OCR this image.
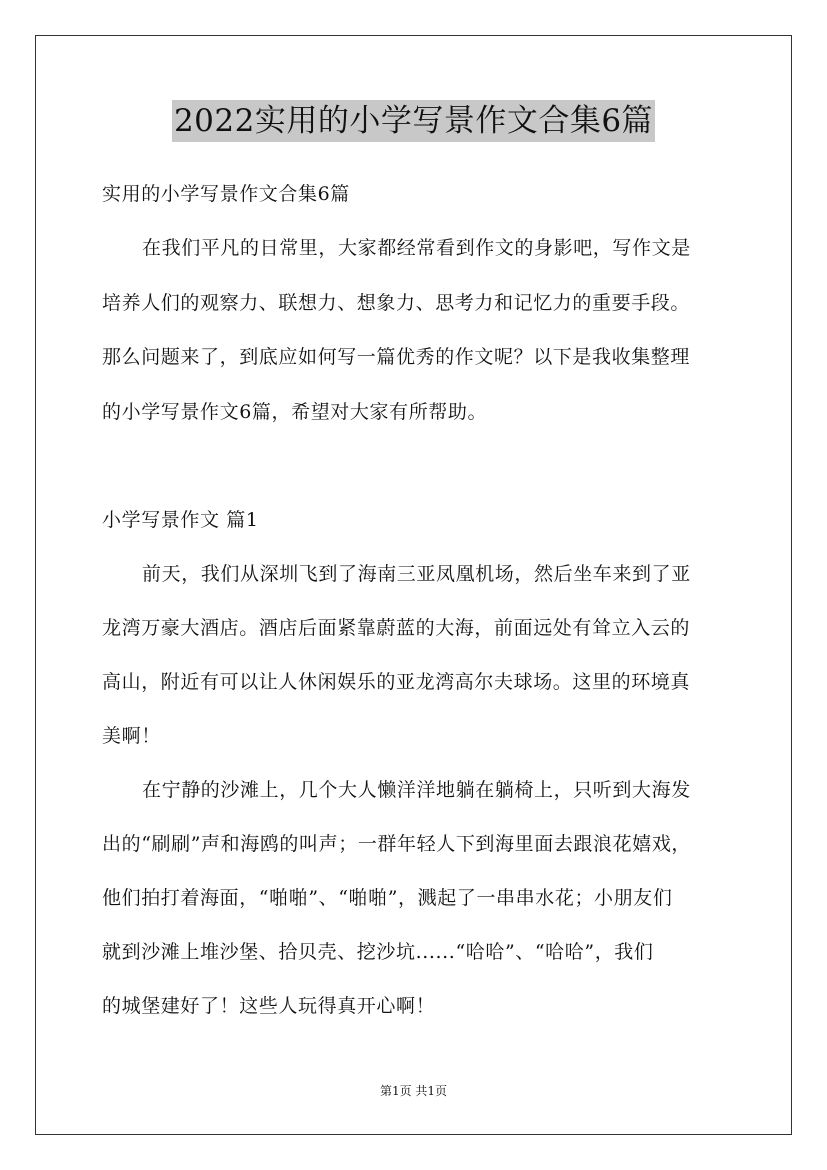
2022实用的小学写景作文合集6篇
实用的小学写景作文合集6篇
在我们平凡的日常里，大家都经常看到作文的身影吧，写作文是
培养人们的观察力、联想力、想象力、思考力和记忆力的重要手段。
那么问题来了，到底应如何写一篇优秀的作文呢？以下是我收集整理
的小学写景作文6篇，希望对大家有所帮助。
小学写景作文 篇1
前天，我们从深圳飞到了海南三亚凤凰机场，然后坐车来到了亚
龙湾万豪大酒店。酒店后面紧靠蔚蓝的大海，前面远处有耸立入云的
高山，附近有可以让人休闲娱乐的亚龙湾高尔夫球场。这里的环境真
美啊！
在宁静的沙滩上，几个大人懒洋洋地躺在躺椅上，只听到大海发
出的“刷刷”声和海鸥的叫声；一群年轻人下到海里面去跟浪花嬉戏，
他们拍打着海面，“啪啪”、“啪啪”，溅起了一串串水花；小朋友们
就到沙滩上堆沙堡、拾贝壳、挖沙坑......“哈哈”、“哈哈”，我们
的城堡建好了！这些人玩得真开心啊！
第1页 共1页
